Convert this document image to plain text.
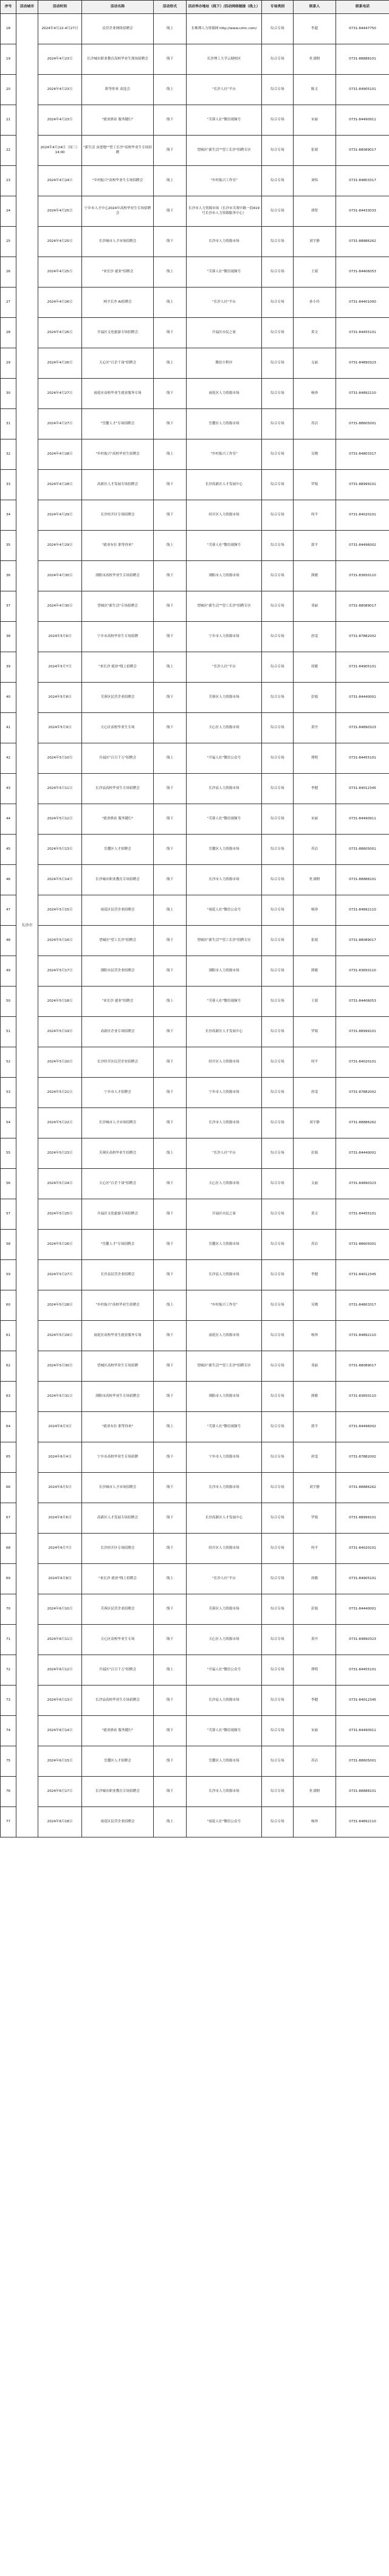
序号	活动城市	活动时间	活动名称	活动形式	活动举办地址（线下）/活动网络链接（线上）	专场类别	联系人	联系电话
18	长沙市	2024年4月22-4月27日	民营企业网络招聘会	线上	长株潭人力资源网 http://www.cztrc.com/	综合专场	李超	0731-84447750
19		2024年4月23日	长沙城市职业教育高校毕业生现场招聘会	线下	长沙理工大学云塘校区	综合专场	杜刘纲	0731-88888101
20		2024年4月23日	职等你来 双选会	线上	"长沙人社"平台	综合专场	陈文	0731-84905101
21		2024年4月23日	"就业驿站 服务随行"	线下	"芙蓉人社"微信视频号	综合专场	宋丽	0731-84490911
22		2024年4月24日（周三）14:00	"新生活 奋进地""望工长沙"高校毕业生专场招聘	线下	望城区"新生活""望工长沙"招聘专区	综合专场	张婧	0731-88089017
23		2024年4月24日	"乡村振兴"高校毕业生专场招聘会	线上	"乡村振兴工作室"	综合专场	刘炜	0731-84803317
24		2024年4月25日	宁乡市人才中心2024年高校毕业生专场招聘会	线下	长沙市人力资源市场（长沙市芙蓉中路一段419号长沙市人力资源服务中心）	综合专场	胡智	0731-84433033
25		2024年4月25日	长沙城市人才市场招聘会	线下	长沙市人力资源市场	综合专场	刘宇静	0731-88886262
26		2024年4月25日	"来长沙 就业"招聘会	线上	"芙蓉人社"微信视频号	综合专场	王婧	0731-84406053
27		2024年4月26日	网才长沙 AI招聘会	线上	"长沙人社"平台	综合专场	孙小玲	0731-84401000
28		2024年4月26日	开福区文化旅游专场招聘会	线下	开福区市民之家	综合专场	黄文	0731-84455101
29		2024年4月26日	天心区"百企千岗"招聘会	线上	微信小程序	综合专场	文丽	0731-84890323
30		2024年4月27日	雨花区高校毕业生就业服务专场	线下	雨花区人力资源市场	综合专场	杨珍	0731-84892110
31		2024年4月27日	"岳麓人才"专场招聘会	线下	岳麓区人力资源市场	综合专场	苏洁	0731-88605001
32		2024年4月28日	"乡村振兴"高校毕业生招聘会	线上	"乡村振兴工作室"	综合专场	吴晓	0731-84803317
33		2024年4月28日	高新区人才发展专场招聘会	线下	长沙高新区人才发展中心	综合专场	罗娟	0731-88999101
34		2024年4月29日	长沙经开区专场招聘会	线下	经开区人力资源市场	综合专场	何平	0731-84020101
35		2024年4月29日	"就业有位 职等你来"	线上	"芙蓉人社"微信视频号	综合专场	郭平	0731-84496002
36		2024年4月30日	浏阳市高校毕业生专场招聘会	线下	浏阳市人力资源市场	综合专场	熊敏	0731-83650110
37		2024年4月30日	望城区"新生活"专场招聘会	线下	望城区"新生活""望工长沙"招聘专区	综合专场	邓丽	0731-88089017
38		2024年5月6日	宁乡市高校毕业生专场招聘	线下	宁乡市人力资源市场	综合专场	唐雯	0731-87882002
39		2024年5月7日	"来长沙 就业"线上招聘会	线上	"长沙人社"平台	综合专场	周敏	0731-84905101
40		2024年5月8日	芙蓉区民营企业招聘会	线下	芙蓉区人力资源市场	综合专场	彭娟	0731-84440001
41		2024年5月9日	天心区高校毕业生专场	线下	天心区人力资源市场	综合专场	黄丹	0731-84890323
42		2024年5月10日	开福区"百日千万"招聘会	线上	"开福人社"微信公众号	综合专场	谭明	0731-84455101
43		2024年5月11日	长沙县高校毕业生专场招聘会	线下	长沙县人力资源市场	综合专场	李健	0731-84012345
44		2024年5月12日	"就业驿站 服务随行"	线下	"芙蓉人社"微信视频号	综合专场	宋丽	0731-84490911
45		2024年5月13日	岳麓区人才招聘会	线下	岳麓区人力资源市场	综合专场	苏洁	0731-88605001
46		2024年5月14日	长沙城市职业教育专场招聘会	线下	长沙市人力资源市场	综合专场	杜刘纲	0731-88888101
47		2024年5月15日	雨花区民营企业招聘会	线上	"雨花人社"微信公众号	综合专场	杨珍	0731-84892110
48		2024年5月16日	望城区"望工长沙"招聘会	线下	望城区"新生活""望工长沙"招聘专区	综合专场	张婧	0731-88089017
49		2024年5月17日	浏阳市民营企业招聘会	线下	浏阳市人力资源市场	综合专场	熊敏	0731-83650110
50		2024年5月18日	"来长沙 就业"招聘会	线上	"芙蓉人社"微信视频号	综合专场	王婧	0731-84406053
51		2024年5月19日	高新区企业专场招聘会	线下	长沙高新区人才发展中心	综合专场	罗娟	0731-88999101
52		2024年5月20日	长沙经开区民营企业招聘会	线下	经开区人力资源市场	综合专场	何平	0731-84020101
53		2024年5月21日	宁乡市人才招聘会	线下	宁乡市人力资源市场	综合专场	唐雯	0731-87882002
54		2024年5月22日	长沙城市人才市场招聘会	线下	长沙市人力资源市场	综合专场	刘宇静	0731-88886262
55		2024年5月23日	芙蓉区高校毕业生招聘会	线上	"长沙人社"平台	综合专场	彭娟	0731-84440001
56		2024年5月24日	天心区"百企千岗"招聘会	线下	天心区人力资源市场	综合专场	文丽	0731-84890323
57		2024年5月25日	开福区文化旅游专场招聘会	线下	开福区市民之家	综合专场	黄文	0731-84455101
58		2024年5月26日	"岳麓人才"专场招聘会	线下	岳麓区人力资源市场	综合专场	苏洁	0731-88605001
59		2024年5月27日	长沙县民营企业招聘会	线下	长沙县人力资源市场	综合专场	李健	0731-84012345
60		2024年5月28日	"乡村振兴"高校毕业生招聘会	线上	"乡村振兴工作室"	综合专场	吴晓	0731-84803317
61		2024年5月29日	雨花区高校毕业生就业服务专场	线下	雨花区人力资源市场	综合专场	杨珍	0731-84892110
62		2024年5月30日	望城区高校毕业生专场招聘	线下	望城区"新生活""望工长沙"招聘专区	综合专场	邓丽	0731-88089017
63		2024年5月31日	浏阳市高校毕业生专场招聘会	线下	浏阳市人力资源市场	综合专场	熊敏	0731-83650110
64		2024年6月3日	"就业有位 职等你来"	线上	"芙蓉人社"微信视频号	综合专场	郭平	0731-84496002
65		2024年6月4日	宁乡市高校毕业生专场招聘	线下	宁乡市人力资源市场	综合专场	唐雯	0731-87882002
66		2024年6月5日	长沙城市人才市场招聘会	线下	长沙市人力资源市场	综合专场	刘宇静	0731-88886262
67		2024年6月6日	高新区人才发展专场招聘会	线下	长沙高新区人才发展中心	综合专场	罗娟	0731-88999101
68		2024年6月7日	长沙经开区专场招聘会	线下	经开区人力资源市场	综合专场	何平	0731-84020101
69		2024年6月8日	"来长沙 就业"线上招聘会	线上	"长沙人社"平台	综合专场	周敏	0731-84905101
70		2024年6月10日	芙蓉区民营企业招聘会	线下	芙蓉区人力资源市场	综合专场	彭娟	0731-84440001
71		2024年6月11日	天心区高校毕业生专场	线下	天心区人力资源市场	综合专场	黄丹	0731-84890323
72		2024年6月12日	开福区"百日千万"招聘会	线上	"开福人社"微信公众号	综合专场	谭明	0731-84455101
73		2024年6月13日	长沙县高校毕业生专场招聘会	线下	长沙县人力资源市场	综合专场	李健	0731-84012345
74		2024年6月14日	"就业驿站 服务随行"	线下	"芙蓉人社"微信视频号	综合专场	宋丽	0731-84490911
75		2024年6月15日	岳麓区人才招聘会	线下	岳麓区人力资源市场	综合专场	苏洁	0731-88605001
76		2024年6月17日	长沙城市职业教育专场招聘会	线下	长沙市人力资源市场	综合专场	杜刘纲	0731-88888101
77		2024年6月18日	雨花区民营企业招聘会	线上	"雨花人社"微信公众号	综合专场	杨珍	0731-84892110
